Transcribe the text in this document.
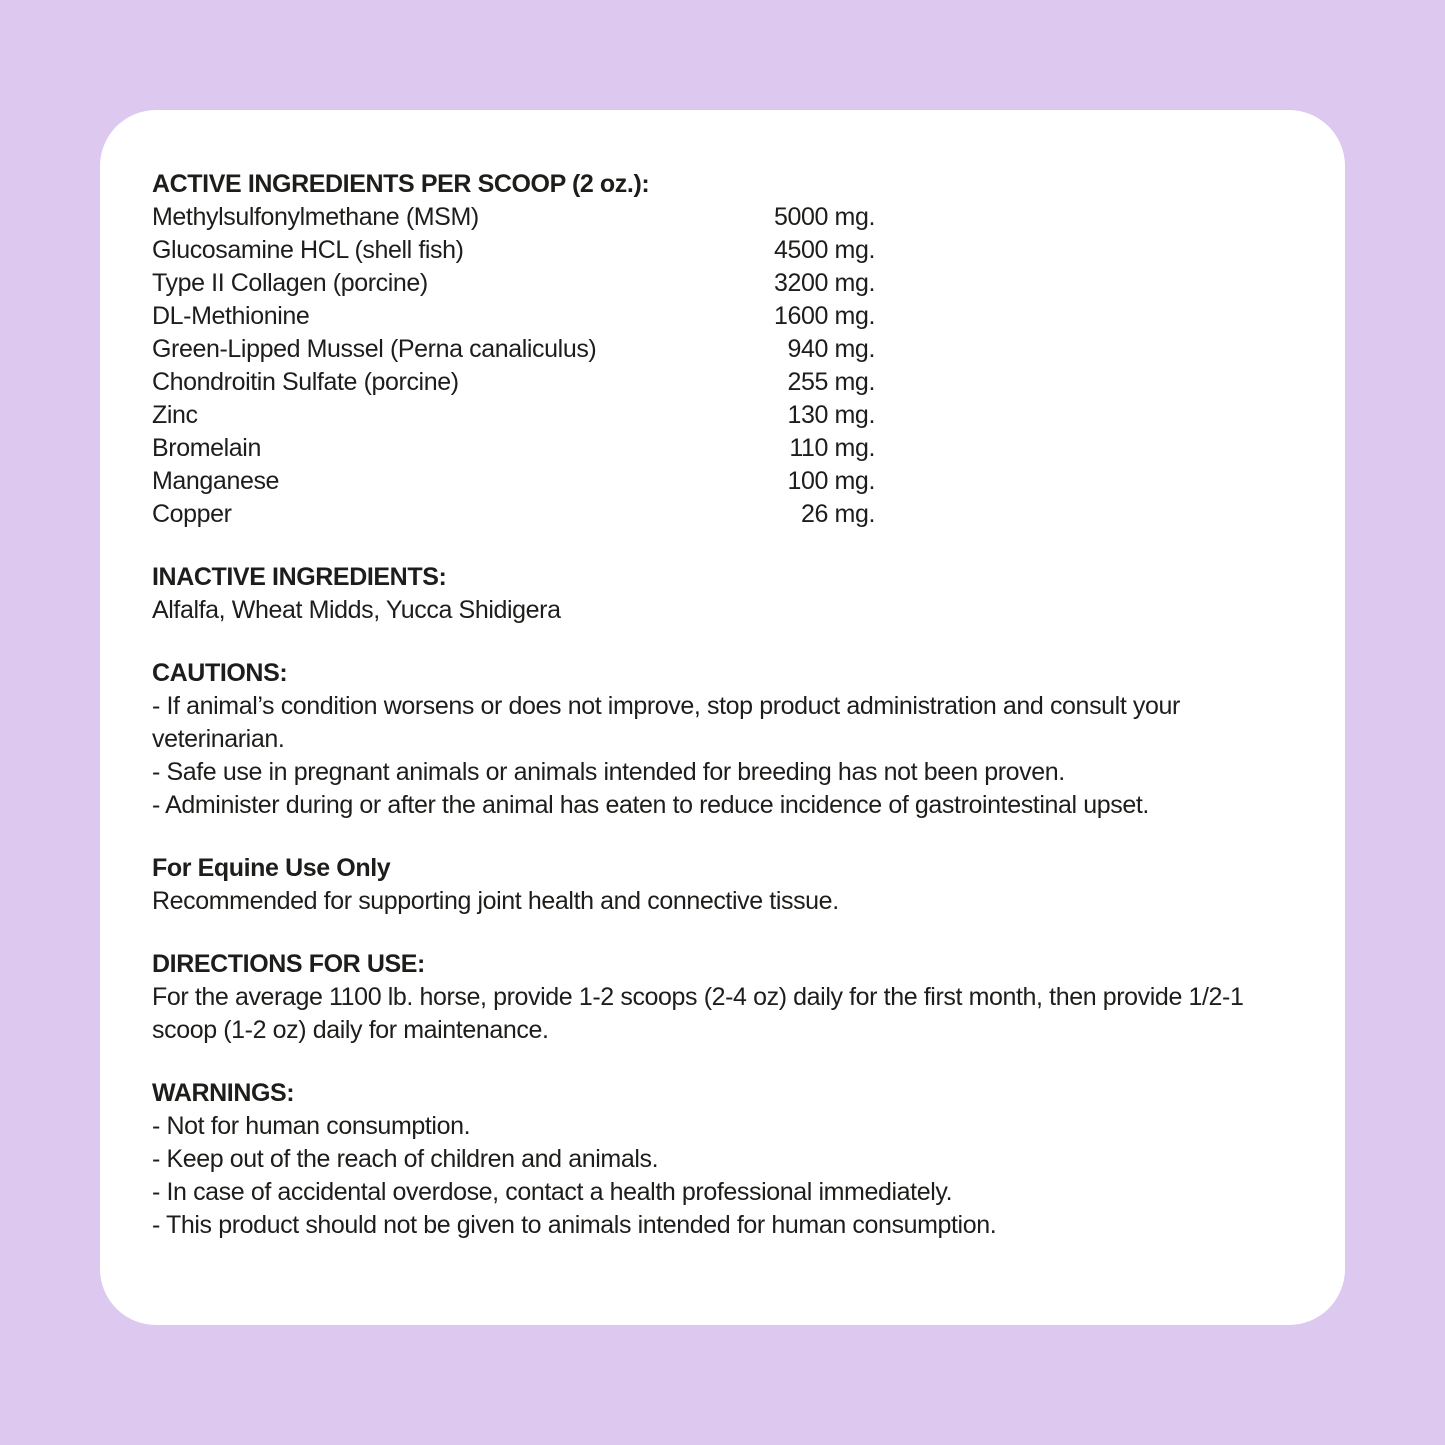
ACTIVE INGREDIENTS PER SCOOP (2 oz.):
Methylsulfonylmethane (MSM)	5000 mg.
Glucosamine HCL (shell fish)	4500 mg.
Type II Collagen (porcine)	3200 mg.
DL-Methionine	1600 mg.
Green-Lipped Mussel (Perna canaliculus)	940 mg.
Chondroitin Sulfate (porcine)	255 mg.
Zinc	130 mg.
Bromelain	110 mg.
Manganese	100 mg.
Copper	26 mg.
INACTIVE INGREDIENTS:

Alfalfa, Wheat Midds, Yucca Shidigera

CAUTIONS:

- If animal’s condition worsens or does not improve, stop product administration and consult your veterinarian.

- Safe use in pregnant animals or animals intended for breeding has not been proven.

- Administer during or after the animal has eaten to reduce incidence of gastrointestinal upset.

For Equine Use Only

Recommended for supporting joint health and connective tissue.

DIRECTIONS FOR USE:

For the average 1100 lb. horse, provide 1-2 scoops (2-4 oz) daily for the first month, then provide 1/2-1 scoop (1-2 oz) daily for maintenance.

WARNINGS:

- Not for human consumption.

- Keep out of the reach of children and animals.

- In case of accidental overdose, contact a health professional immediately.

- This product should not be given to animals intended for human consumption.
